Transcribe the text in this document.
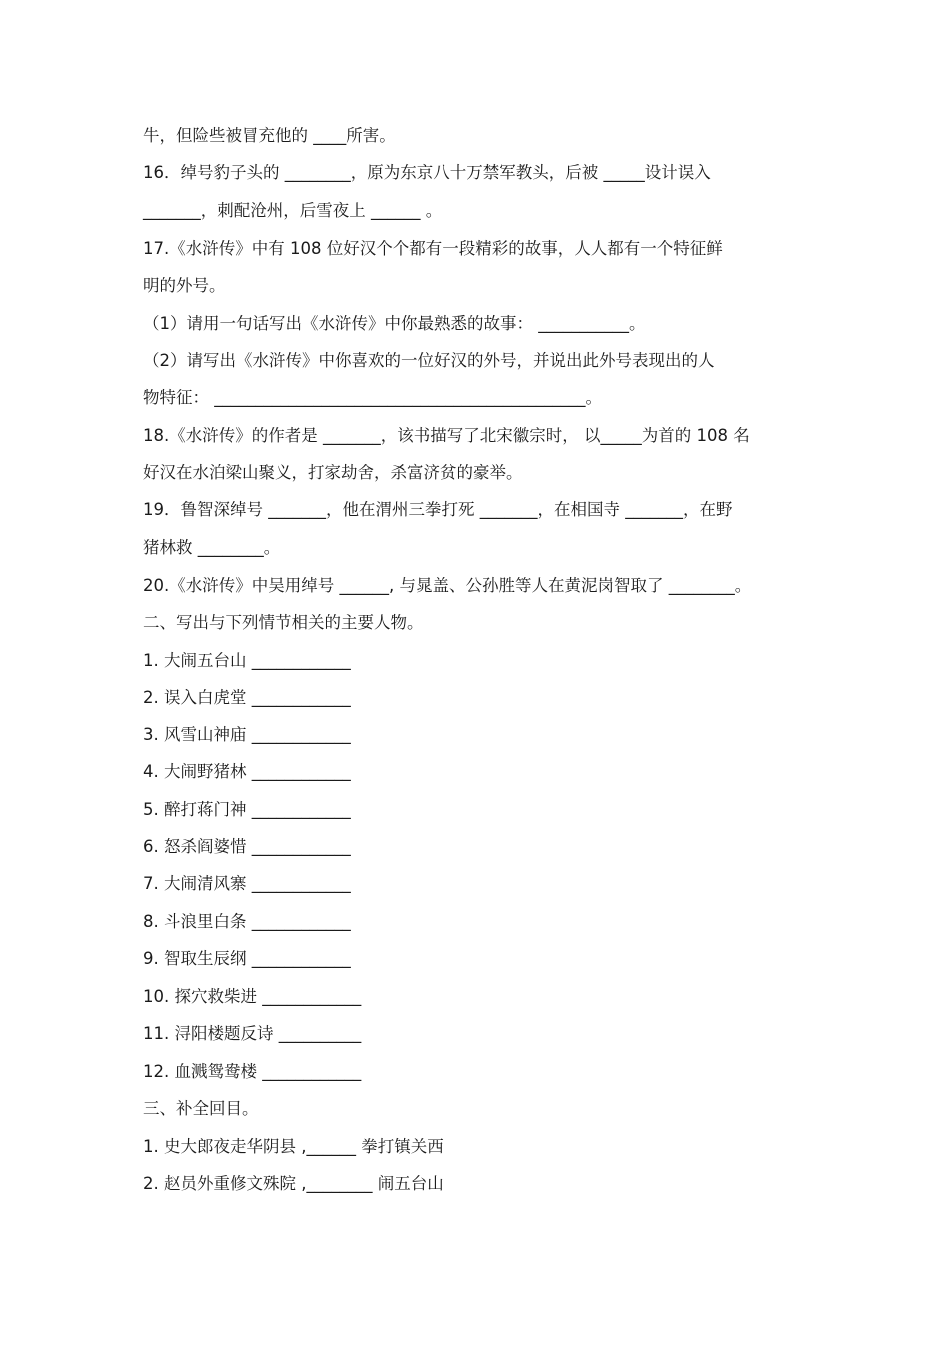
牛，但险些被冒充他的 ____所害。
16．绰号豹子头的 ________，原为东京八十万禁军教头，后被 _____设计误入
_______，刺配沧州，后雪夜上 ______ 。
17.《水浒传》中有 108 位好汉个个都有一段精彩的故事，人人都有一个特征鲜
明的外号。
（1）请用一句话写出《水浒传》中你最熟悉的故事： ___________。
（2）请写出《水浒传》中你喜欢的一位好汉的外号，并说出此外号表现出的人
物特征： _____________________________________________。
18.《水浒传》的作者是 _______，该书描写了北宋徽宗时， 以_____为首的 108 名
好汉在水泊梁山聚义，打家劫舍，杀富济贫的豪举。
19．鲁智深绰号 _______，他在渭州三拳打死 _______，在相国寺 _______，在野
猪林救 ________。
20.《水浒传》中吴用绰号 ______, 与晁盖、公孙胜等人在黄泥岗智取了 ________。
二、写出与下列情节相关的主要人物。
1. 大闹五台山 ____________
2. 误入白虎堂 ____________
3. 风雪山神庙 ____________
4. 大闹野猪林 ____________
5. 醉打蒋门神 ____________
6. 怒杀阎婆惜 ____________
7. 大闹清风寨 ____________
8. 斗浪里白条 ____________
9. 智取生辰纲 ____________
10. 探穴救柴进 ____________
11. 浔阳楼题反诗 __________
12. 血溅鸳鸯楼 ____________
三、补全回目。
1. 史大郎夜走华阴县 ,______ 拳打镇关西
2. 赵员外重修文殊院 ,________ 闹五台山
